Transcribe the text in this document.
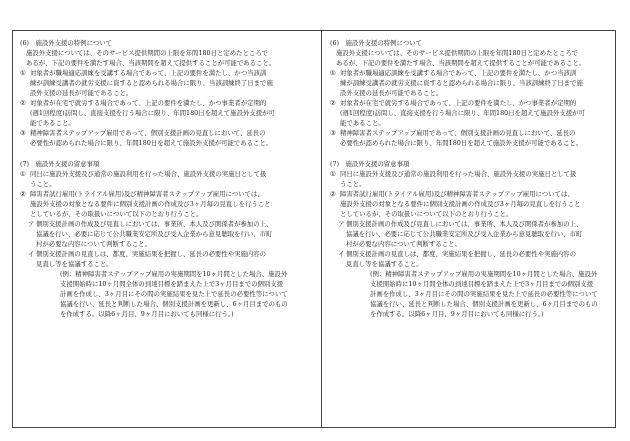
(6)　施設外支援の特例について
施設外支援については、そのサービス提供期間の上限を年間180日と定めたところで
あるが、下記の要件を満たす場合、当該期間を超えて提供することが可能であること。
① 対象者が職場適応訓練を受講する場合であって、上記の要件を満たし、かつ当該訓
練が訓練受講者の就労支援に資すると認められる場合に限り、当該訓練終了日まで施
設外支援の延長が可能であること。
② 対象者が在宅で就労する場合であって、上記の要件を満たし、かつ事業者が定期的
(週1回程度)訪問し、直接支援を行う場合に限り、年間180日を超えて施設外支援が可
能であること。
③ 精神障害者ステップアップ雇用であって、個別支援計画の見直しにおいて、延長の
必要性が認められた場合に限り、年間180日を超えて施設外支援が可能であること。
(7)　施設外支援の留意事項
① 同日に施設外支援及び通常の施設利用を行った場合、施設外支援の実施日として扱
うこと。
② 障害者試行雇用(トライアル雇用)及び精神障害者ステップアップ雇用については、
施設外支援の対象となる要件に個別支援計画の作成及び3ヶ月毎の見直しを行うこと
としているが、その取扱いについて以下のとおり行うこと。
ア 個別支援計画の作成及び見直しにおいては、事業所、本人及び関係者が参加の上、
協議を行い、必要に応じて公共職業安定所及び受入企業から意見聴取を行い、市町
村が必要な内容について判断すること。
イ 個別支援計画の見直しは、都度、実施結果を把握し、延長の必要性や実施内容の
見直し等を協議すること。
(例：精神障害者ステップアップ雇用の実施期間を10ヶ月間とした場合、施設外
支援開始時に10ヶ月間全体の到達目標を踏まえた上で3ヶ月目までの個別支援
計画を作成し、3ヶ月目にその間の実施結果を見た上で延長の必要性等について
協議を行い、延長と判断した場合、個別支援計画を更新し、6ヶ月目までのもの
を作成する。以降6ヶ月目、9ヶ月目においても同様に行う。)
(6)　施設外支援の特例について
施設外支援については、そのサービス提供期間の上限を年間180日と定めたところで
あるが、下記の要件を満たす場合、当該期間を超えて提供することが可能であること。
① 対象者が職場適応訓練を受講する場合であって、上記の要件を満たし、かつ当該訓
練が訓練受講者の就労支援に資すると認められる場合に限り、当該訓練終了日まで施
設外支援の延長が可能であること。
② 対象者が在宅で就労する場合であって、上記の要件を満たし、かつ事業者が定期的
(週1回程度)訪問し、直接支援を行う場合に限り、年間180日を超えて施設外支援が可
能であること。
③ 精神障害者ステップアップ雇用であって、個別支援計画の見直しにおいて、延長の
必要性が認められた場合に限り、年間180日を超えて施設外支援が可能であること。
(7)　施設外支援の留意事項
① 同日に施設外支援及び通常の施設利用を行った場合、施設外支援の実施日として扱
うこと。
② 障害者試行雇用(トライアル雇用)及び精神障害者ステップアップ雇用については、
施設外支援の対象となる要件に個別支援計画の作成及び3ヶ月毎の見直しを行うこと
としているが、その取扱いについて以下のとおり行うこと。
ア 個別支援計画の作成及び見直しにおいては、事業所、本人及び関係者が参加の上、
協議を行い、必要に応じて公共職業安定所及び受入企業から意見聴取を行い、市町
村が必要な内容について判断すること。
イ 個別支援計画の見直しは、都度、実施結果を把握し、延長の必要性や実施内容の
見直し等を協議すること。
(例：精神障害者ステップアップ雇用の実施期間を10ヶ月間とした場合、施設外
支援開始時に10ヶ月間全体の到達目標を踏まえた上で3ヶ月目までの個別支援
計画を作成し、3ヶ月目にその間の実施結果を見た上で延長の必要性等について
協議を行い、延長と判断した場合、個別支援計画を更新し、6ヶ月目までのもの
を作成する。以降6ヶ月目、9ヶ月目においても同様に行う。)
